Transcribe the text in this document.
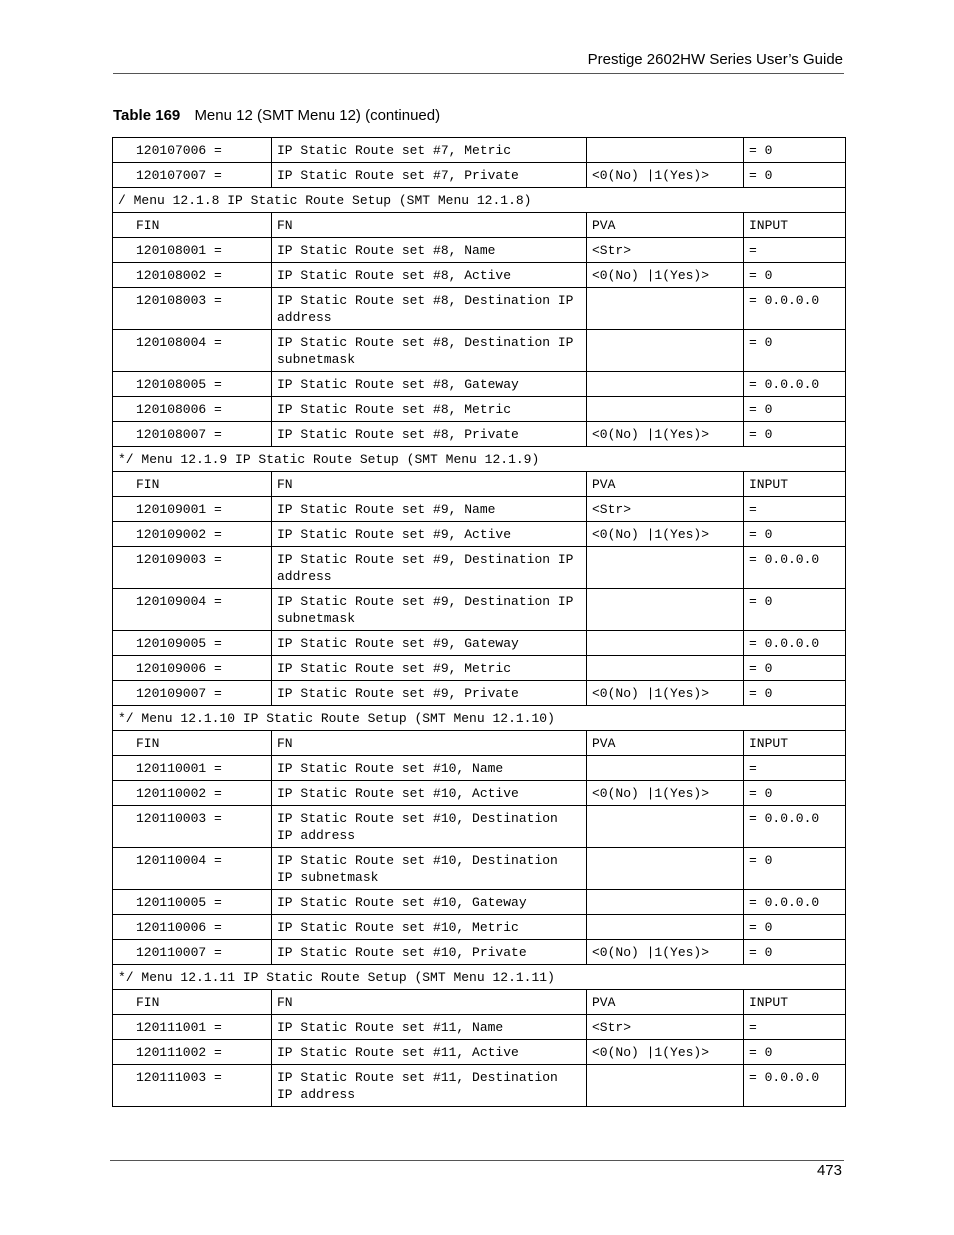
Prestige 2602HW Series User’s Guide
Table 169 Menu 12 (SMT Menu 12) (continued)
120107006 =	IP Static Route set #7, Metric		= 0
120107007 =	IP Static Route set #7, Private	<0(No) |1(Yes)>	= 0
/ Menu 12.1.8 IP Static Route Setup (SMT Menu 12.1.8)			
FIN	FN	PVA	INPUT
120108001 =	IP Static Route set #8, Name	<Str>	=
120108002 =	IP Static Route set #8, Active	<0(No) |1(Yes)>	= 0
120108003 =	IP Static Route set #8, Destination IP address		= 0.0.0.0
120108004 =	IP Static Route set #8, Destination IP subnetmask		= 0
120108005 =	IP Static Route set #8, Gateway		= 0.0.0.0
120108006 =	IP Static Route set #8, Metric		= 0
120108007 =	IP Static Route set #8, Private	<0(No) |1(Yes)>	= 0
*/ Menu 12.1.9 IP Static Route Setup (SMT Menu 12.1.9)			
FIN	FN	PVA	INPUT
120109001 =	IP Static Route set #9, Name	<Str>	=
120109002 =	IP Static Route set #9, Active	<0(No) |1(Yes)>	= 0
120109003 =	IP Static Route set #9, Destination IP address		= 0.0.0.0
120109004 =	IP Static Route set #9, Destination IP subnetmask		= 0
120109005 =	IP Static Route set #9, Gateway		= 0.0.0.0
120109006 =	IP Static Route set #9, Metric		= 0
120109007 =	IP Static Route set #9, Private	<0(No) |1(Yes)>	= 0
*/ Menu 12.1.10 IP Static Route Setup (SMT Menu 12.1.10)			
FIN	FN	PVA	INPUT
120110001 =	IP Static Route set #10, Name		=
120110002 =	IP Static Route set #10, Active	<0(No) |1(Yes)>	= 0
120110003 =	IP Static Route set #10, Destination IP address		= 0.0.0.0
120110004 =	IP Static Route set #10, Destination IP subnetmask		= 0
120110005 =	IP Static Route set #10, Gateway		= 0.0.0.0
120110006 =	IP Static Route set #10, Metric		= 0
120110007 =	IP Static Route set #10, Private	<0(No) |1(Yes)>	= 0
*/ Menu 12.1.11 IP Static Route Setup (SMT Menu 12.1.11)			
FIN	FN	PVA	INPUT
120111001 =	IP Static Route set #11, Name	<Str>	=
120111002 =	IP Static Route set #11, Active	<0(No) |1(Yes)>	= 0
120111003 =	IP Static Route set #11, Destination IP address		= 0.0.0.0
473
